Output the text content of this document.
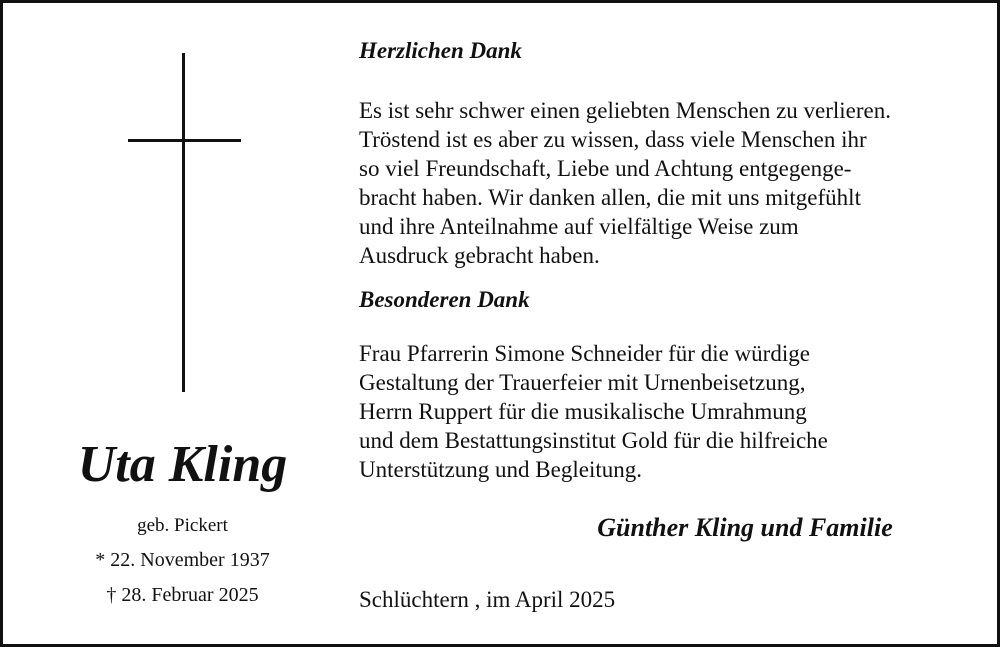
Uta Kling
geb. Pickert
* 22. November 1937
† 28. Februar 2025
Herzlichen Dank
Es ist sehr schwer einen geliebten Menschen zu verlieren.
Tröstend ist es aber zu wissen, dass viele Menschen ihr
so viel Freundschaft, Liebe und Achtung entgegenge-
bracht haben. Wir danken allen, die mit uns mitgefühlt
und ihre Anteilnahme auf vielfältige Weise zum
Ausdruck gebracht haben.
Besonderen Dank
Frau Pfarrerin Simone Schneider für die würdige
Gestaltung der Trauerfeier mit Urnenbeisetzung,
Herrn Ruppert für die musikalische Umrahmung
und dem Bestattungsinstitut Gold für die hilfreiche
Unterstützung und Begleitung.
Günther Kling und Familie
Schlüchtern , im April 2025
